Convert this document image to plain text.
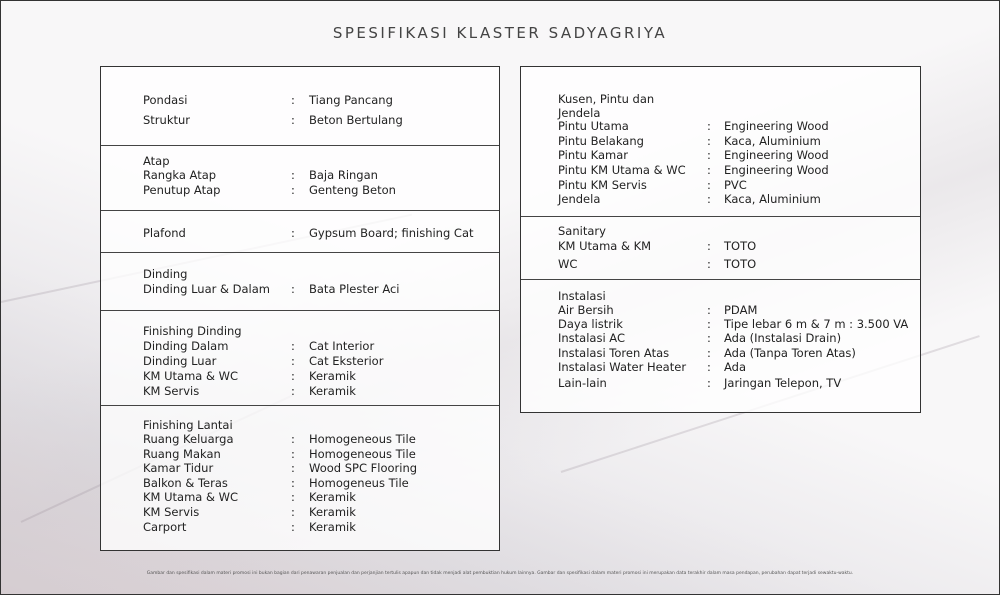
SPESIFIKASI KLASTER SADYAGRIYA
Pondasi	: Tiang Pancang
Struktur	: Beton Bertulang
Atap
Rangka Atap	: Baja Ringan
Penutup Atap	: Genteng Beton
Plafond	: Gypsum Board; finishing Cat
Dinding
Dinding Luar & Dalam : Bata Plester Aci
Finishing Dinding
Dinding Dalam	: Cat Interior
Dinding Luar	: Cat Eksterior
KM Utama & WC	: Keramik
KM Servis	: Keramik
Finishing Lantai
Ruang Keluarga	: Homogeneous Tile
Ruang Makan	: Homogeneous Tile
Kamar Tidur	: Wood SPC Flooring
Balkon & Teras	: Homogeneus Tile
KM Utama & WC	: Keramik
KM Servis	: Keramik
Carport	: Keramik
Kusen, Pintu dan
Jendela
Pintu Utama	: Engineering Wood
Pintu Belakang	: Kaca, Aluminium
Pintu Kamar	: Engineering Wood
Pintu KM Utama & WC : Engineering Wood
Pintu KM Servis	: PVC
Jendela	: Kaca, Aluminium
Sanitary
KM Utama & KM	: TOTO
WC	: TOTO
Instalasi
Air Bersih	: PDAM
Daya listrik	: Tipe lebar 6 m & 7 m : 3.500 VA
Instalasi AC	: Ada (Instalasi Drain)
Instalasi Toren Atas	: Ada (Tanpa Toren Atas)
Instalasi Water Heater : Ada
Lain-lain	: Jaringan Telepon, TV
Gambar dan spesifikasi dalam materi promosi ini bukan bagian dari penawaran penjualan dan perjanjian tertulis apapun dan tidak menjadi alat pembuktian hukum lainnya. Gambar dan spesifikasi dalam materi promosi ini merupakan data terakhir dalam masa pendapan, perubahan dapat terjadi sewaktu-waktu.
